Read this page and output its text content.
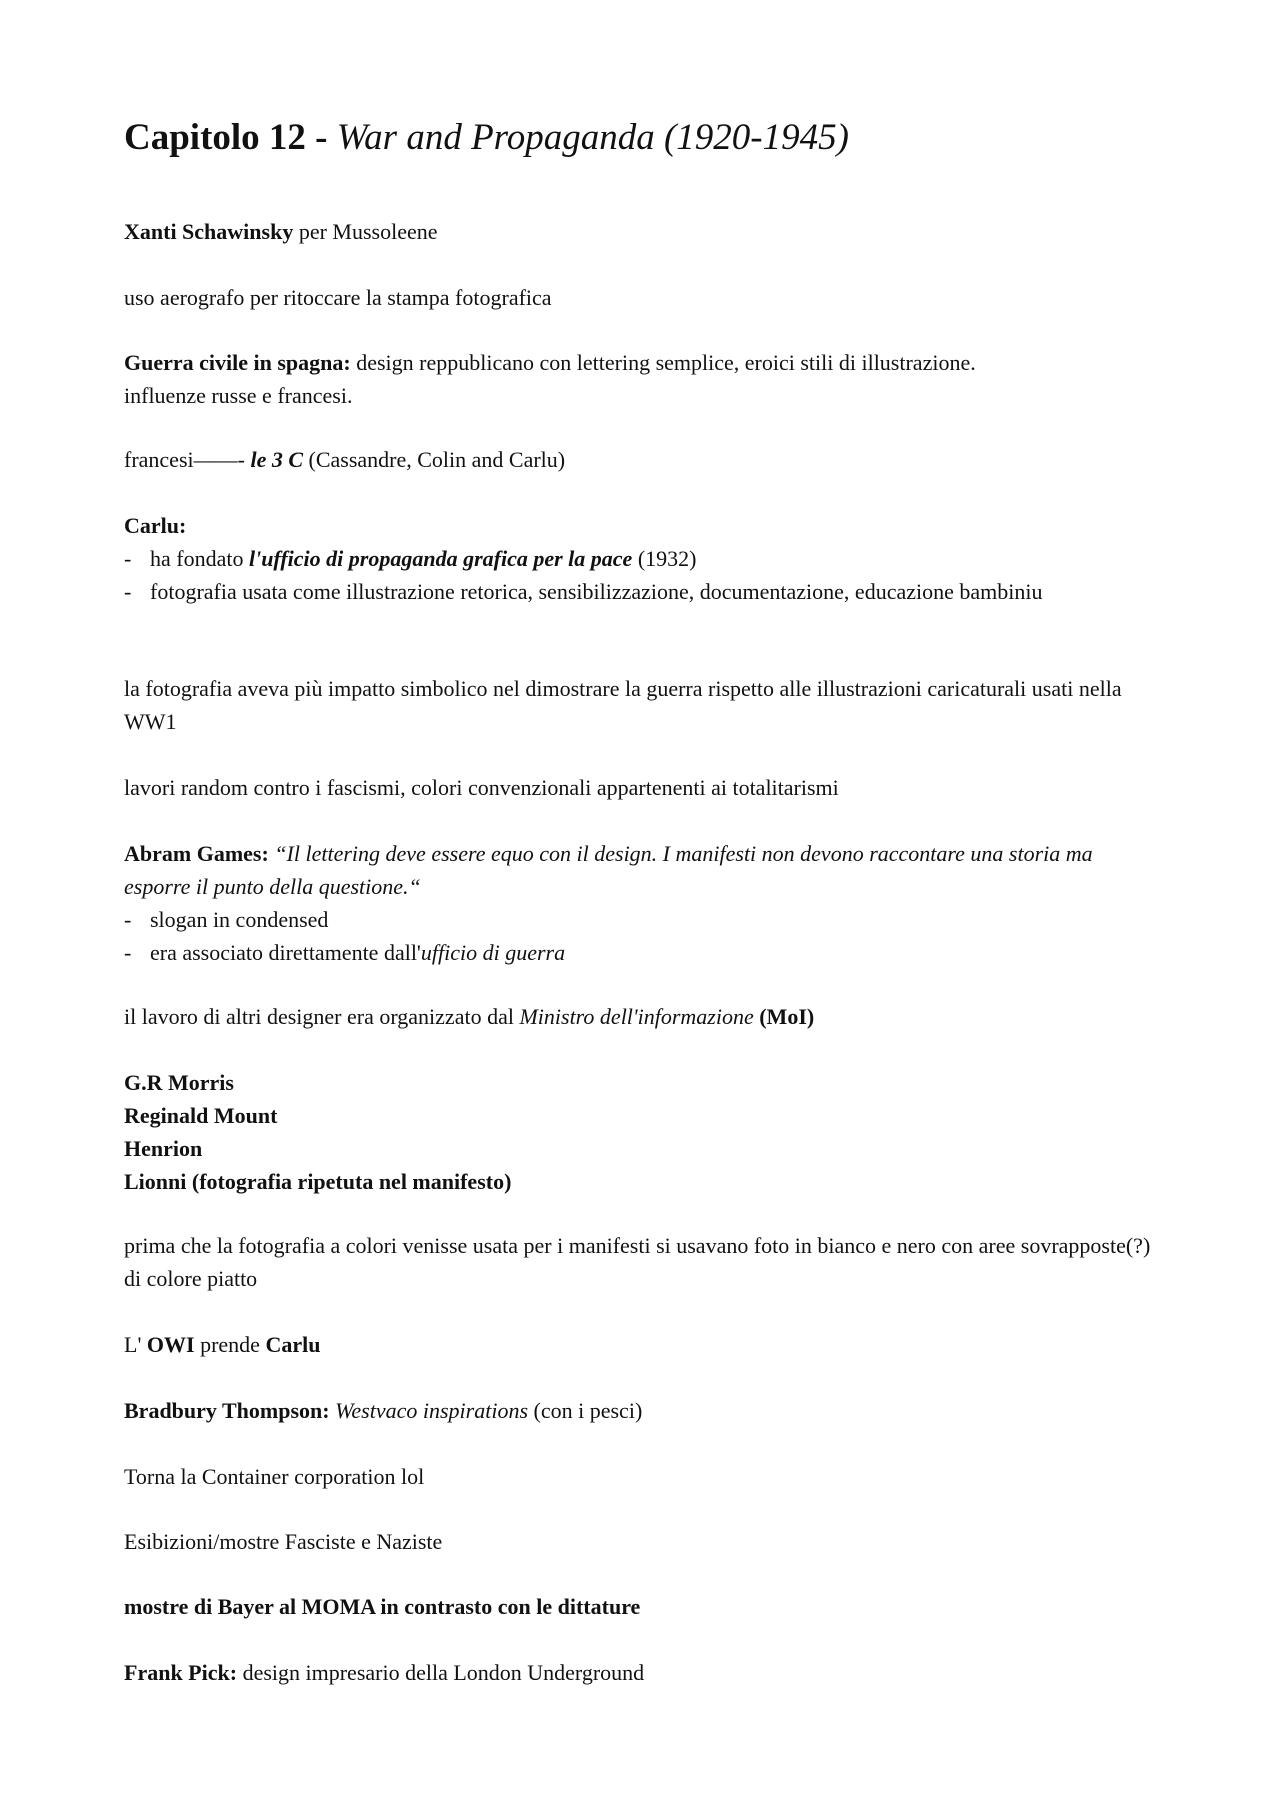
Capitolo 12 - War and Propaganda (1920-1945)
Xanti Schawinsky per Mussoleene
uso aerografo per ritoccare la stampa fotografica
Guerra civile in spagna: design reppublicano con lettering semplice, eroici stili di illustrazione.
influenze russe e francesi.
francesi——- le 3 C (Cassandre, Colin and Carlu)
Carlu:
- ha fondato l'ufficio di propaganda grafica per la pace (1932)
- fotografia usata come illustrazione retorica, sensibilizzazione, documentazione, educazione bambiniu
la fotografia aveva più impatto simbolico nel dimostrare la guerra rispetto alle illustrazioni caricaturali usati nella WW1
lavori random contro i fascismi, colori convenzionali appartenenti ai totalitarismi
Abram Games: “Il lettering deve essere equo con il design. I manifesti non devono raccontare una storia ma esporre il punto della questione.“
- slogan in condensed
- era associato direttamente dall'ufficio di guerra
il lavoro di altri designer era organizzato dal Ministro dell'informazione (MoI)
G.R Morris
Reginald Mount
Henrion
Lionni (fotografia ripetuta nel manifesto)
prima che la fotografia a colori venisse usata per i manifesti si usavano foto in bianco e nero con aree sovrapposte(?) di colore piatto
L' OWI prende Carlu
Bradbury Thompson: Westvaco inspirations (con i pesci)
Torna la Container corporation lol
Esibizioni/mostre Fasciste e Naziste
mostre di Bayer al MOMA in contrasto con le dittature
Frank Pick: design impresario della London Underground
